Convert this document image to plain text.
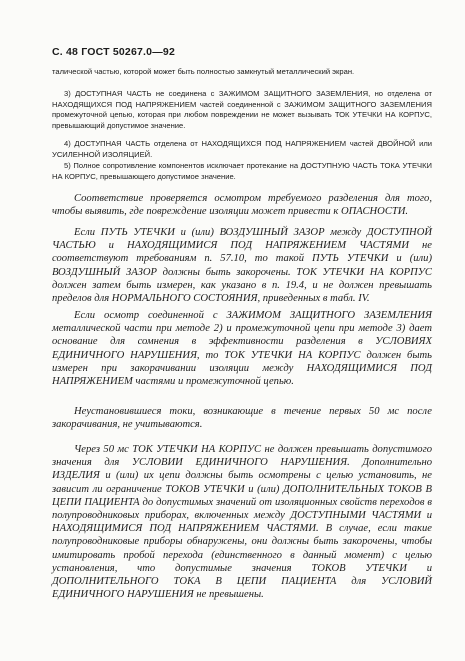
С. 48 ГОСТ 50267.0—92

талической частью, которой может быть полностью замкнутый металлический экран.

3) ДОСТУПНАЯ ЧАСТЬ не соединена с ЗАЖИМОМ ЗАЩИТНОГО ЗАЗЕМЛЕНИЯ, но отделена от НАХОДЯЩИХСЯ ПОД НАПРЯЖЕНИЕМ частей соединенной с ЗАЖИМОМ ЗАЩИТНОГО ЗАЗЕМЛЕНИЯ промежуточной цепью, которая при любом повреждении не может вызывать ТОК УТЕЧКИ НА КОРПУС, превышающий допустимое значение.

4) ДОСТУПНАЯ ЧАСТЬ отделена от НАХОДЯЩИХСЯ ПОД НАПРЯЖЕНИЕМ частей ДВОЙНОЙ или УСИЛЕННОЙ ИЗОЛЯЦИЕЙ.

5) Полное сопротивление компонентов исключает протекание на ДОСТУПНУЮ ЧАСТЬ ТОКА УТЕЧКИ НА КОРПУС, превышающего допустимое значение.

Соответствие проверяется осмотром требуемого разделения для того, чтобы выявить, где повреждение изоляции может привести к ОПАСНОСТИ.

Если ПУТЬ УТЕЧКИ и (или) ВОЗДУШНЫЙ ЗАЗОР между ДОСТУПНОЙ ЧАСТЬЮ и НАХОДЯЩИМИСЯ ПОД НАПРЯЖЕНИЕМ ЧАСТЯМИ не соответствуют требованиям п. 57.10, то такой ПУТЬ УТЕЧКИ и (или) ВОЗДУШНЫЙ ЗАЗОР должны быть закорочены. ТОК УТЕЧКИ НА КОРПУС должен затем быть измерен, как указано в п. 19.4, и не должен превышать пределов для НОРМАЛЬНОГО СОСТОЯНИЯ, приведенных в табл. IV.

Если осмотр соединенной с ЗАЖИМОМ ЗАЩИТНОГО ЗАЗЕМЛЕНИЯ металлической части при методе 2) и промежуточной цепи при методе 3) дает основание для сомнения в эффективности разделения в УСЛОВИЯХ ЕДИНИЧНОГО НАРУШЕНИЯ, то ТОК УТЕЧКИ НА КОРПУС должен быть измерен при закорачивании изоляции между НАХОДЯЩИМИСЯ ПОД НАПРЯЖЕНИЕМ частями и промежуточной цепью.

Неустановившиеся токи, возникающие в течение первых 50 мс после закорачивания, не учитываются.

Через 50 мс ТОК УТЕЧКИ НА КОРПУС не должен превышать допустимого значения для УСЛОВИИ ЕДИНИЧНОГО НАРУШЕНИЯ. Дополнительно ИЗДЕЛИЯ и (или) их цепи должны быть осмотрены с целью установить, не зависит ли ограничение ТОКОВ УТЕЧКИ и (или) ДОПОЛНИТЕЛЬНЫХ ТОКОВ В ЦЕПИ ПАЦИЕНТА до допустимых значений от изоляционных свойств переходов в полупроводниковых приборах, включенных между ДОСТУПНЫМИ ЧАСТЯМИ и НАХОДЯЩИМИСЯ ПОД НАПРЯЖЕНИЕМ ЧАСТЯМИ. В случае, если такие полупроводниковые приборы обнаружены, они должны быть закорочены, чтобы имитировать пробой перехода (единственного в данный момент) с целью установления, что допустимые значения ТОКОВ УТЕЧКИ и ДОПОЛНИТЕЛЬНОГО ТОКА В ЦЕПИ ПАЦИЕНТА для УСЛОВИЙ ЕДИНИЧНОГО НАРУШЕНИЯ не превышены.
